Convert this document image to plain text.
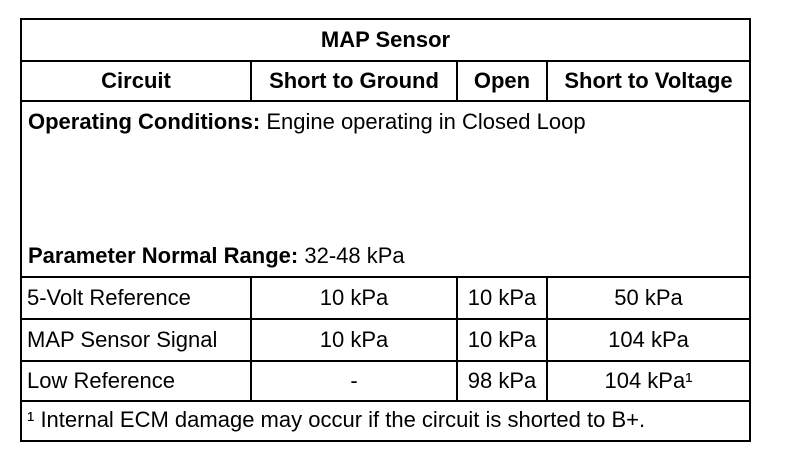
MAP Sensor
Circuit	Short to Ground	Open	Short to Voltage
Operating Conditions: Engine operating in Closed Loop
Parameter Normal Range: 32-48 kPa
5-Volt Reference	10 kPa	10 kPa	50 kPa
MAP Sensor Signal	10 kPa	10 kPa	104 kPa
Low Reference	-	98 kPa	104 kPa¹
¹ Internal ECM damage may occur if the circuit is shorted to B+.
